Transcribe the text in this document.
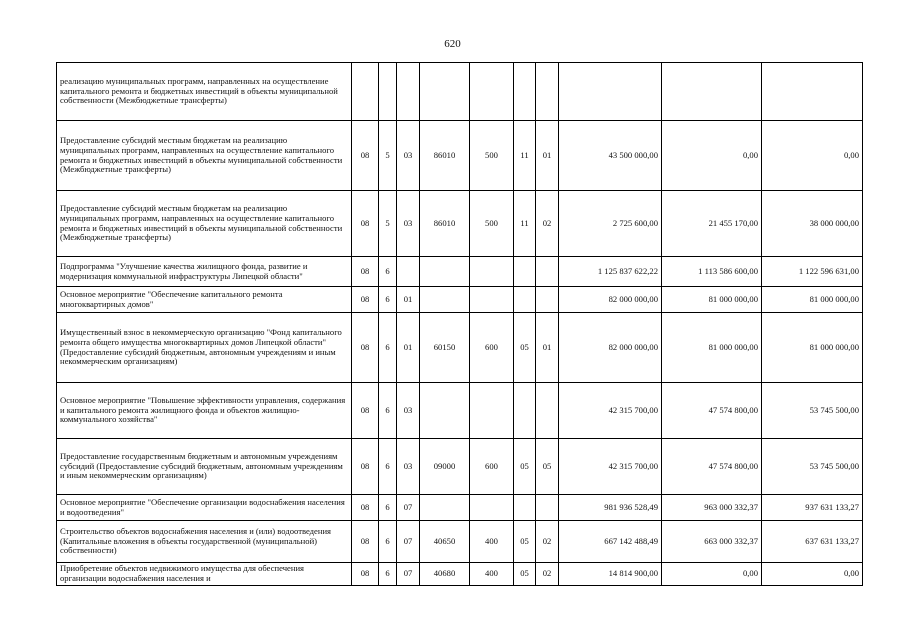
620
реализацию муниципальных программ, направленных на осуществление капитального ремонта и бюджетных инвестиций в объекты муниципальной собственности (Межбюджетные трансферты)										
Предоставление субсидий местным бюджетам на реализацию муниципальных программ, направленных на осуществление капитального ремонта и бюджетных инвестиций в объекты муниципальной собственности (Межбюджетные трансферты)	08	5	03	86010	500	11	01	43 500 000,00	0,00	0,00
Предоставление субсидий местным бюджетам на реализацию муниципальных программ, направленных на осуществление капитального ремонта и бюджетных инвестиций в объекты муниципальной собственности (Межбюджетные трансферты)	08	5	03	86010	500	11	02	2 725 600,00	21 455 170,00	38 000 000,00
Подпрограмма "Улучшение качества жилищного фонда, развитие и модернизация коммунальной инфраструктуры Липецкой области"	08	6						1 125 837 622,22	1 113 586 600,00	1 122 596 631,00
Основное мероприятие "Обеспечение капитального ремонта многоквартирных домов"	08	6	01					82 000 000,00	81 000 000,00	81 000 000,00
Имущественный взнос в некоммерческую организацию "Фонд капитального ремонта общего имущества многоквартирных домов Липецкой области" (Предоставление субсидий бюджетным, автономным учреждениям и иным некоммерческим организациям)	08	6	01	60150	600	05	01	82 000 000,00	81 000 000,00	81 000 000,00
Основное мероприятие "Повышение эффективности управления, содержания и капитального ремонта жилищного фонда и объектов жилищно-коммунального хозяйства"	08	6	03					42 315 700,00	47 574 800,00	53 745 500,00
Предоставление государственным бюджетным и автономным учреждениям субсидий (Предоставление субсидий бюджетным, автономным учреждениям и иным некоммерческим организациям)	08	6	03	09000	600	05	05	42 315 700,00	47 574 800,00	53 745 500,00
Основное мероприятие "Обеспечение организации водоснабжения населения и водоотведения"	08	6	07					981 936 528,49	963 000 332,37	937 631 133,27
Строительство объектов водоснабжения населения и (или) водоотведения (Капитальные вложения в объекты государственной (муниципальной) собственности)	08	6	07	40650	400	05	02	667 142 488,49	663 000 332,37	637 631 133,27
Приобретение объектов недвижимого имущества для обеспечения организации водоснабжения населения и	08	6	07	40680	400	05	02	14 814 900,00	0,00	0,00
